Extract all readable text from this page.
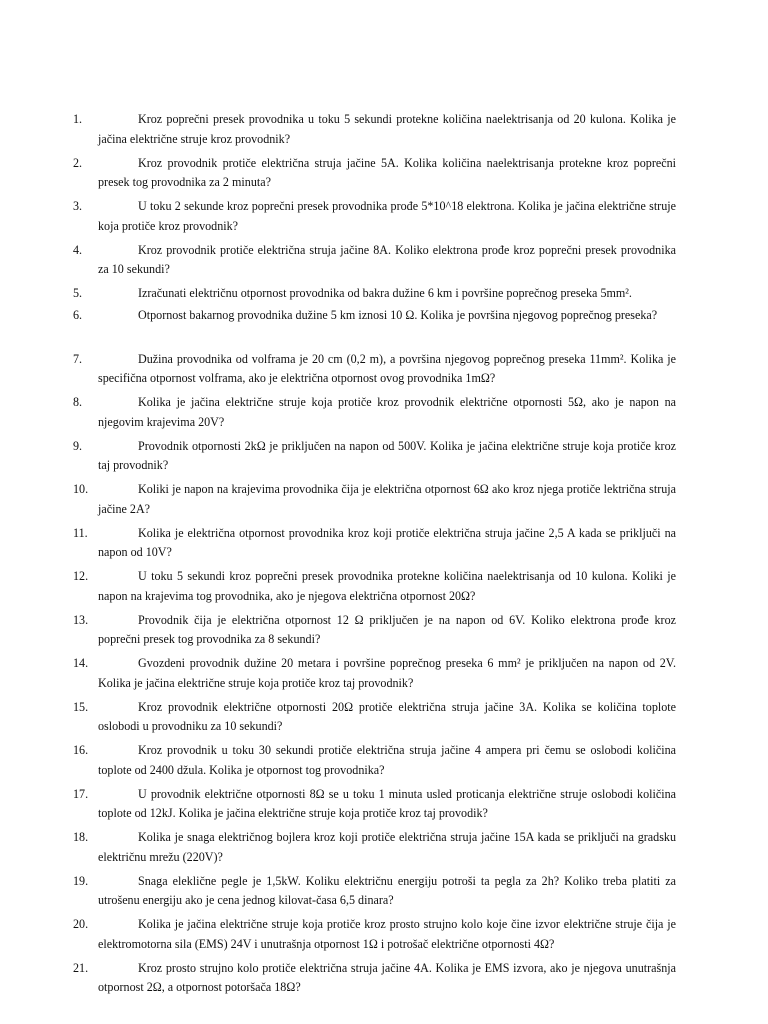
1.	Kroz poprečni presek provodnika u toku 5 sekundi protekne količina naelektrisanja od 20 kulona. Kolika je jačina električne struje kroz provodnik?
2.	Kroz provodnik protiče električna struja jačine 5A. Kolika količina naelektrisanja protekne kroz poprečni presek tog provodnika za 2 minuta?
3.	U toku 2 sekunde kroz poprečni presek provodnika prođe 5*10^18 elektrona. Kolika je jačina električne struje koja protiče kroz provodnik?
4.	Kroz provodnik protiče električna struja jačine 8A. Koliko elektrona prođe kroz poprečni presek provodnika za 10 sekundi?
5.	Izračunati električnu otpornost provodnika od bakra dužine 6 km i površine poprečnog preseka 5mm².
6.	Otpornost bakarnog provodnika dužine 5 km iznosi 10 Ω. Kolika je površina njegovog poprečnog preseka?
7.	Dužina provodnika od volframa je 20 cm (0,2 m), a površina njegovog poprečnog preseka 11mm². Kolika je specifična otpornost volframa, ako je električna otpornost ovog provodnika 1mΩ?
8.	Kolika je jačina električne struje koja protiče kroz provodnik električne otpornosti 5Ω, ako je napon na njegovim krajevima 20V?
9.	Provodnik otpornosti 2kΩ je priključen na napon od 500V. Kolika je jačina električne struje koja protiče kroz taj provodnik?
10.	Koliki je napon na krajevima provodnika čija je električna otpornost 6Ω ako kroz njega protiče lektrična struja jačine 2A?
11.	Kolika je električna otpornost provodnika kroz koji protiče električna struja jačine 2,5 A kada se priključi na napon od 10V?
12.	U toku 5 sekundi kroz poprečni presek provodnika protekne količina naelektrisanja od 10 kulona. Koliki je napon na krajevima tog provodnika, ako je njegova električna otpornost 20Ω?
13.	Provodnik čija je električna otpornost 12 Ω priključen je na napon od 6V. Koliko elektrona prođe kroz poprečni presek tog provodnika za 8 sekundi?
14.	Gvozdeni provodnik dužine 20 metara i površine poprečnog preseka 6 mm² je priključen na napon od 2V. Kolika je jačina električne struje koja protiče kroz taj provodnik?
15.	Kroz provodnik električne otpornosti 20Ω protiče električna struja jačine 3A. Kolika se količina toplote oslobodi u provodniku za 10 sekundi?
16.	Kroz provodnik u toku 30 sekundi protiče električna struja jačine 4 ampera pri čemu se oslobodi količina toplote od 2400 džula. Kolika je otpornost tog provodnika?
17.	U provodnik električne otpornosti 8Ω se u toku 1 minuta usled proticanja električne struje oslobodi količina toplote od 12kJ. Kolika je jačina električne struje koja protiče kroz taj provodik?
18.	Kolika je snaga električnog bojlera kroz koji protiče električna struja jačine 15A kada se priključi na gradsku električnu mrežu (220V)?
19.	Snaga eleklične pegle je 1,5kW. Koliku električnu energiju potroši ta pegla za 2h? Koliko treba platiti za utrošenu energiju ako je cena jednog kilovat-časa 6,5 dinara?
20.	Kolika je jačina električne struje koja protiče kroz prosto strujno kolo koje čine izvor električne struje čija je elektromotorna sila (EMS) 24V i unutrašnja otpornost 1Ω i potrošač električne otpornosti 4Ω?
21.	Kroz prosto strujno kolo protiče električna struja jačine 4A. Kolika je EMS izvora, ako je njegova unutrašnja otpornost 2Ω, a otpornost potoršača 18Ω?
